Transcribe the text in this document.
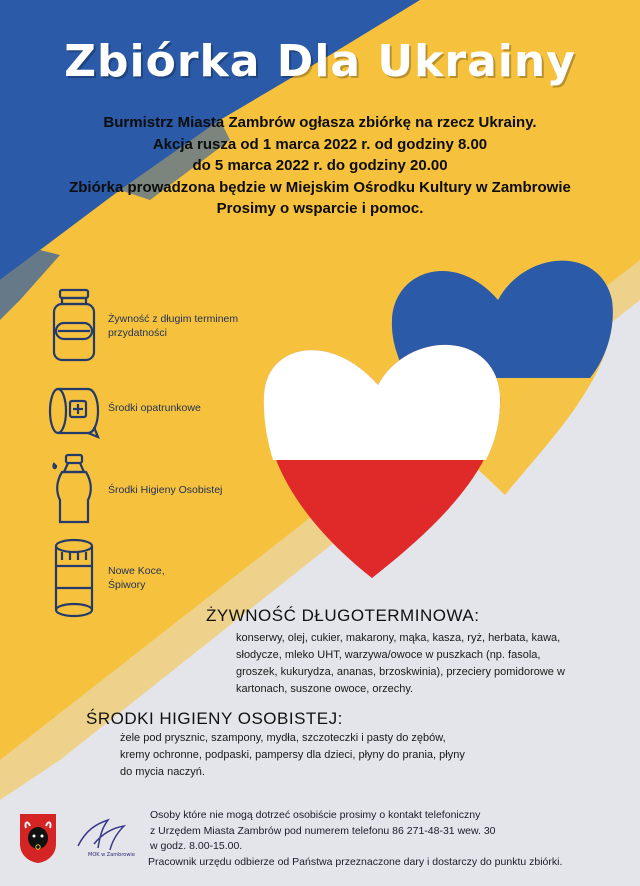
Zbiórka Dla Ukrainy
Burmistrz Miasta Zambrów ogłasza zbiórkę na rzecz Ukrainy.
Akcja rusza od 1 marca 2022 r. od godziny 8.00
do 5 marca 2022 r. do godziny 20.00
Zbiórka prowadzona będzie w Miejskim Ośrodku Kultury w Zambrowie
Prosimy o wsparcie i pomoc.
Żywność z długim terminem przydatności
Środki opatrunkowe
Środki Higieny Osobistej
Nowe Koce, Śpiwory
ŻYWNOŚĆ DŁUGOTERMINOWA:
konserwy, olej, cukier, makarony, mąka, kasza, ryż, herbata, kawa,
słodycze, mleko UHT, warzywa/owoce w puszkach (np. fasola,
groszek, kukurydza, ananas, brzoskwinia), przeciery pomidorowe w
kartonach, suszone owoce, orzechy.
ŚRODKI HIGIENY OSOBISTEJ:
żele pod prysznic, szampony, mydła, szczoteczki i pasty do zębów,
kremy ochronne, podpaski, pampersy dla dzieci, płyny do prania, płyny
do mycia naczyń.
MOK w Zambrowie
Osoby które nie mogą dotrzeć osobiście prosimy o kontakt telefoniczny
z Urzędem Miasta Zambrów pod numerem telefonu 86 271-48-31 wew. 30
w godz. 8.00-15.00.
Pracownik urzędu odbierze od Państwa przeznaczone dary i dostarczy do punktu zbiórki.
